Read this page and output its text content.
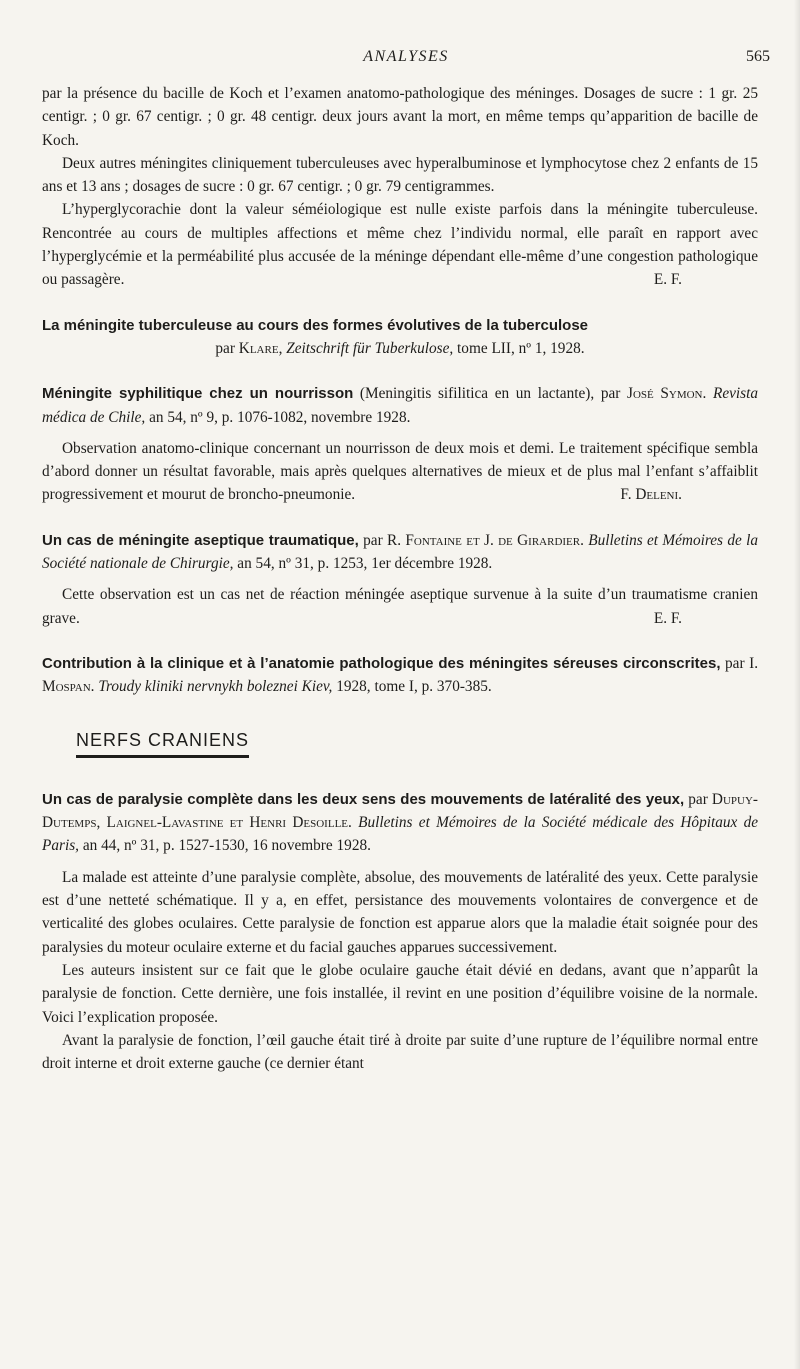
ANALYSES	565

par la présence du bacille de Koch et l’examen anatomo-pathologique des méninges. Dosages de sucre : 1 gr. 25 centigr. ; 0 gr. 67 centigr. ; 0 gr. 48 centigr. deux jours avant la mort, en même temps qu’apparition de bacille de Koch.

Deux autres méningites cliniquement tuberculeuses avec hyperalbuminose et lymphocytose chez 2 enfants de 15 ans et 13 ans ; dosages de sucre : 0 gr. 67 centigr. ; 0 gr. 79 centigrammes.

L’hyperglycorachie dont la valeur séméiologique est nulle existe parfois dans la méningite tuberculeuse. Rencontrée au cours de multiples affections et même chez l’individu normal, elle paraît en rapport avec l’hyperglycémie et la perméabilité plus accusée de la méninge dépendant elle-même d’une congestion pathologique ou passagère.	E. F.

La méningite tuberculeuse au cours des formes évolutives de la tuberculose

par Klare, Zeitschrift für Tuberkulose, tome LII, nº 1, 1928.

Méningite syphilitique chez un nourrisson (Meningitis sifilitica en un lactante), par José Symon. Revista médica de Chile, an 54, nº 9, p. 1076-1082, novembre 1928.

Observation anatomo-clinique concernant un nourrisson de deux mois et demi. Le traitement spécifique sembla d’abord donner un résultat favorable, mais après quelques alternatives de mieux et de plus mal l’enfant s’affaiblit progressivement et mourut de broncho-pneumonie.	F. Deleni.

Un cas de méningite aseptique traumatique, par R. Fontaine et J. de Girardier. Bulletins et Mémoires de la Société nationale de Chirurgie, an 54, nº 31, p. 1253, 1er décembre 1928.

Cette observation est un cas net de réaction méningée aseptique survenue à la suite d’un traumatisme cranien grave.	E. F.

Contribution à la clinique et à l’anatomie pathologique des méningites séreuses circonscrites, par I. Mospan. Troudy kliniki nervnykh boleznei Kiev, 1928, tome I, p. 370-385.

NERFS CRANIENS

Un cas de paralysie complète dans les deux sens des mouvements de latéralité des yeux, par Dupuy-Dutemps, Laignel-Lavastine et Henri Desoille. Bulletins et Mémoires de la Société médicale des Hôpitaux de Paris, an 44, nº 31, p. 1527-1530, 16 novembre 1928.

La malade est atteinte d’une paralysie complète, absolue, des mouvements de latéralité des yeux. Cette paralysie est d’une netteté schématique. Il y a, en effet, persistance des mouvements volontaires de convergence et de verticalité des globes oculaires. Cette paralysie de fonction est apparue alors que la maladie était soignée pour des paralysies du moteur oculaire externe et du facial gauches apparues successivement.

Les auteurs insistent sur ce fait que le globe oculaire gauche était dévié en dedans, avant que n’apparût la paralysie de fonction. Cette dernière, une fois installée, il revint en une position d’équilibre voisine de la normale. Voici l’explication proposée.

Avant la paralysie de fonction, l’œil gauche était tiré à droite par suite d’une rupture de l’équilibre normal entre droit interne et droit externe gauche (ce dernier étant
